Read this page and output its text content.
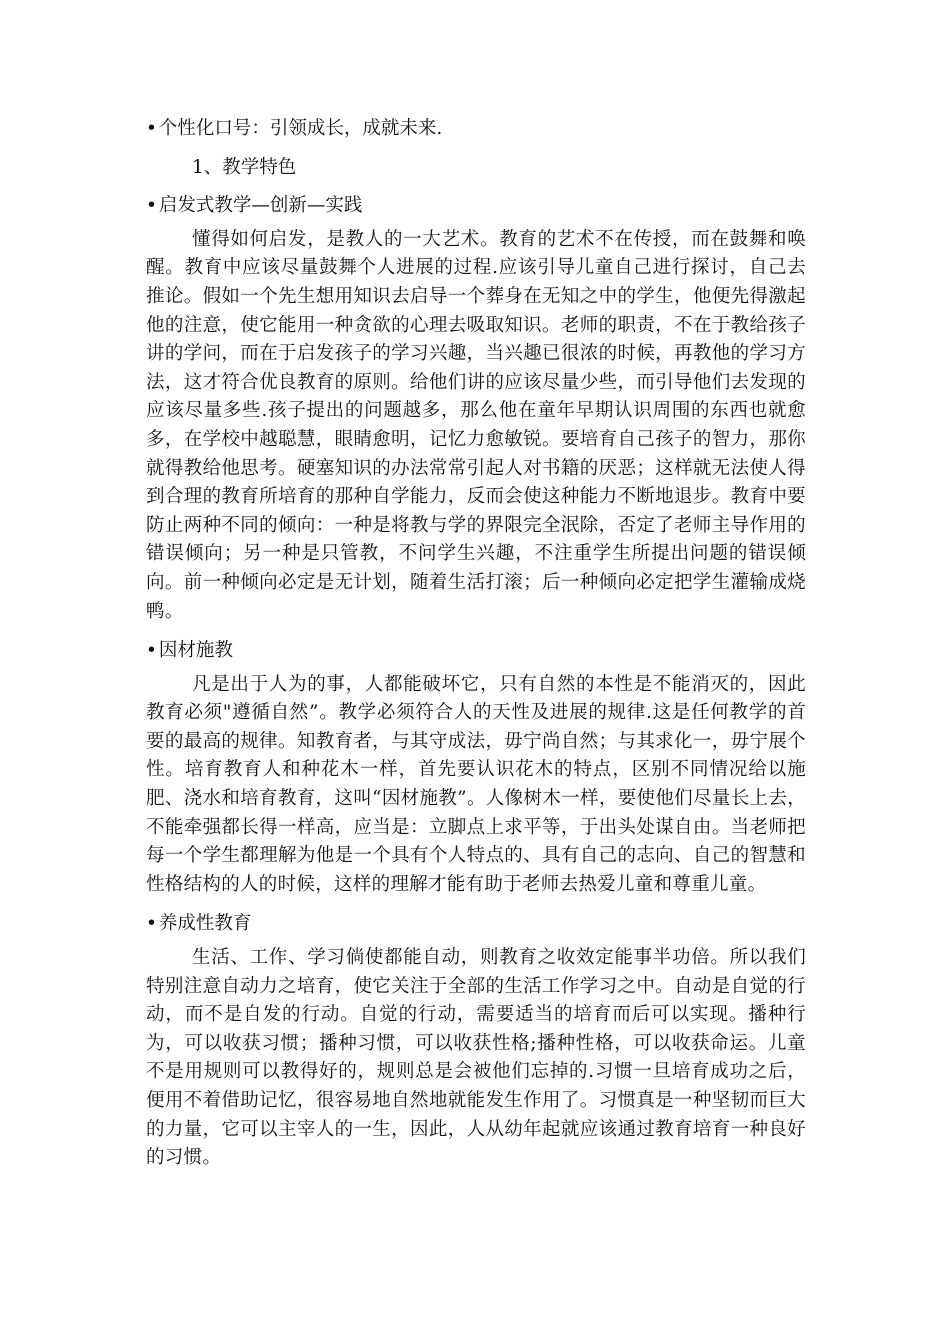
• 个性化口号：引领成长，成就未来.

1、教学特色

• 启发式教学—创新—实践

懂得如何启发，是教人的一大艺术。教育的艺术不在传授，而在鼓舞和唤醒。教育中应该尽量鼓舞个人进展的过程.应该引导儿童自己进行探讨，自己去推论。假如一个先生想用知识去启导一个葬身在无知之中的学生，他便先得激起他的注意，使它能用一种贪欲的心理去吸取知识。老师的职责，不在于教给孩子讲的学问，而在于启发孩子的学习兴趣，当兴趣已很浓的时候，再教他的学习方法，这才符合优良教育的原则。给他们讲的应该尽量少些，而引导他们去发现的应该尽量多些.孩子提出的问题越多，那么他在童年早期认识周围的东西也就愈多，在学校中越聪慧，眼睛愈明，记忆力愈敏锐。要培育自己孩子的智力，那你就得教给他思考。硬塞知识的办法常常引起人对书籍的厌恶；这样就无法使人得到合理的教育所培育的那种自学能力，反而会使这种能力不断地退步。教育中要防止两种不同的倾向：一种是将教与学的界限完全泯除，否定了老师主导作用的错误倾向；另一种是只管教，不问学生兴趣，不注重学生所提出问题的错误倾向。前一种倾向必定是无计划，随着生活打滚；后一种倾向必定把学生灌输成烧鸭。

• 因材施教

凡是出于人为的事，人都能破坏它，只有自然的本性是不能消灭的，因此教育必须"遵循自然”。教学必须符合人的天性及进展的规律.这是任何教学的首要的最高的规律。知教育者，与其守成法，毋宁尚自然；与其求化一，毋宁展个性。培育教育人和种花木一样，首先要认识花木的特点，区别不同情况给以施肥、浇水和培育教育，这叫“因材施教”。人像树木一样，要使他们尽量长上去，不能牵强都长得一样高，应当是：立脚点上求平等，于出头处谋自由。当老师把每一个学生都理解为他是一个具有个人特点的、具有自己的志向、自己的智慧和性格结构的人的时候，这样的理解才能有助于老师去热爱儿童和尊重儿童。

• 养成性教育

生活、工作、学习倘使都能自动，则教育之收效定能事半功倍。所以我们特别注意自动力之培育，使它关注于全部的生活工作学习之中。自动是自觉的行动，而不是自发的行动。自觉的行动，需要适当的培育而后可以实现。播种行为，可以收获习惯；播种习惯，可以收获性格;播种性格，可以收获命运。儿童不是用规则可以教得好的，规则总是会被他们忘掉的.习惯一旦培育成功之后，便用不着借助记忆，很容易地自然地就能发生作用了。习惯真是一种坚韧而巨大的力量，它可以主宰人的一生，因此，人从幼年起就应该通过教育培育一种良好的习惯。
